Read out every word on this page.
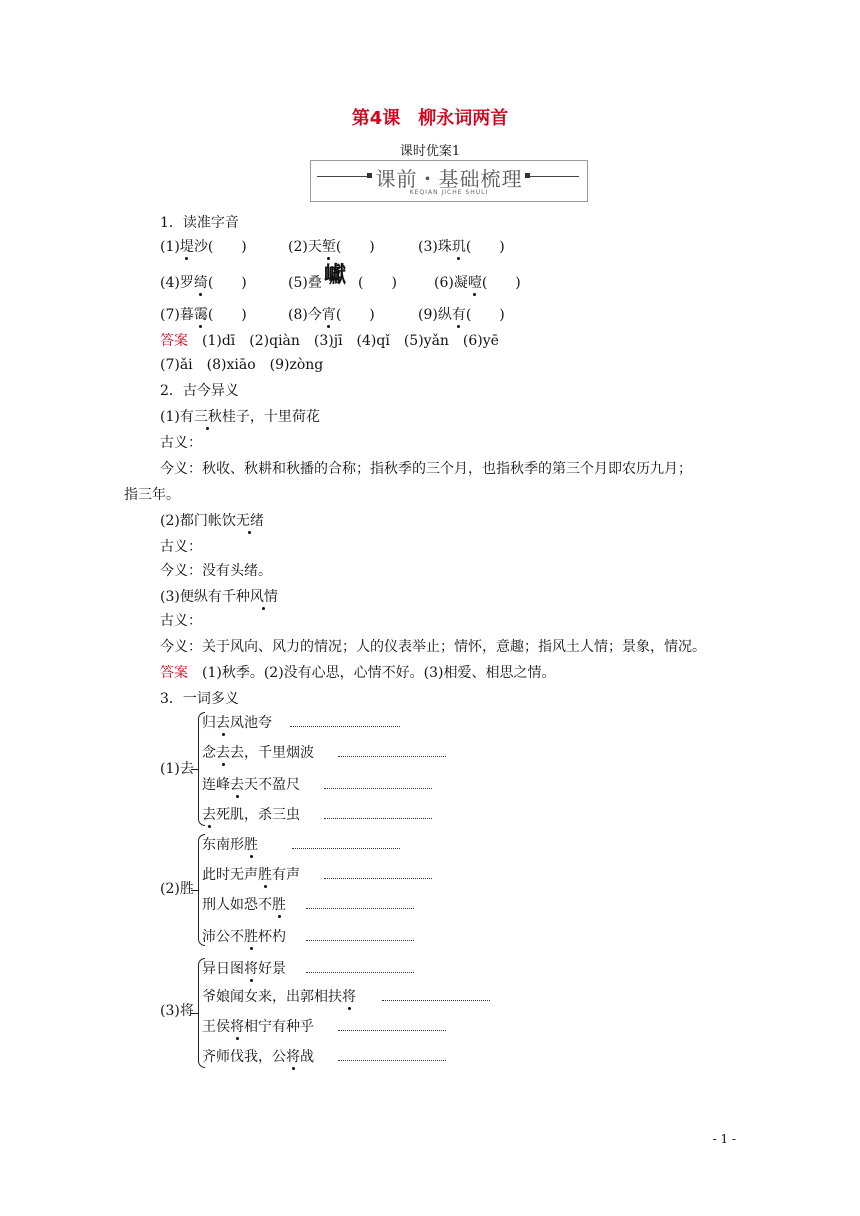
第4课　柳永词两首
课时优案1
课前・基础梳理
KEQIAN JICHE SHULI
1．读准字音
(1)堤沙(　　)	(2)天堑(　　)	(3)珠玑(　　)
(4)罗绮(　　)	(5)叠 巘 (　　)	(6)凝噎(　　)
(7)暮霭(　　)	(8)今宵(　　)	(9)纵有(　　)
答案　 (1)dī　(2)qiàn　(3)jī　(4)qǐ　(5)yǎn　(6)yē
(7)ǎi　(8)xiāo　(9)zòng
2．古今异义
(1)有三秋桂子，十里荷花
古义：
今义：秋收、秋耕和秋播的合称；指秋季的三个月，也指秋季的第三个月即农历九月；
指三年。
(2)都门帐饮无绪
古义：
今义：没有头绪。
(3)便纵有千种风情
古义：
今义：关于风向、风力的情况；人的仪表举止；情怀，意趣；指风土人情；景象，情况。
答案　 (1)秋季。(2)没有心思，心情不好。(3)相爱、相思之情。
3．一词多义
(1)去
归去凤池夸
念去去，千里烟波
连峰去天不盈尺
去死肌，杀三虫
(2)胜
东南形胜
此时无声胜有声
刑人如恐不胜
沛公不胜杯杓
(3)将
异日图将好景
爷娘闻女来，出郭相扶将
王侯将相宁有种乎
齐师伐我，公将战
- 1 -
